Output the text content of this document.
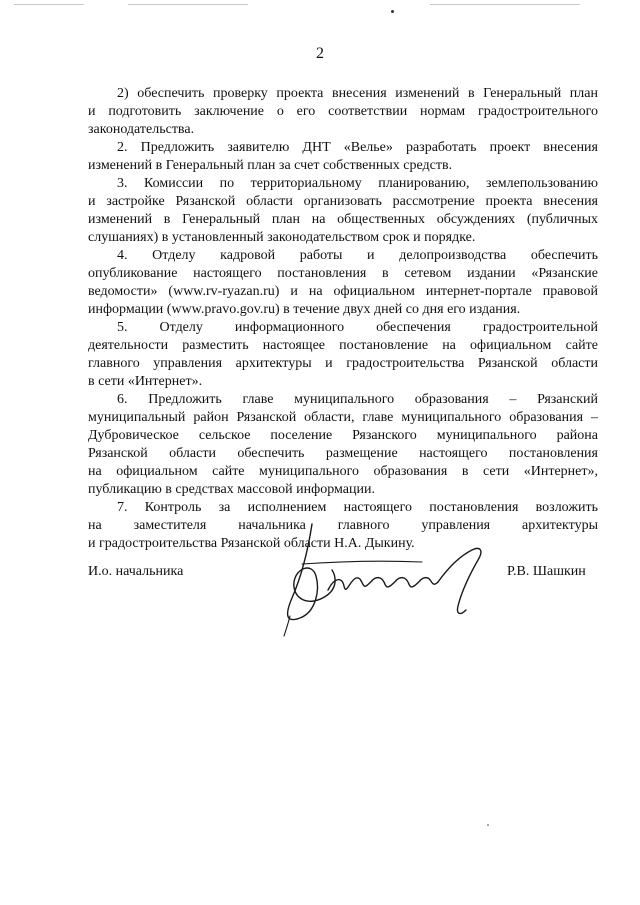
2
2) обеспечить проверку проекта внесения изменений в Генеральный план
и подготовить заключение о его соответствии нормам градостроительного
законодательства.
2. Предложить заявителю ДНТ «Велье» разработать проект внесения
изменений в Генеральный план за счет собственных средств.
3. Комиссии по территориальному планированию, землепользованию
и застройке Рязанской области организовать рассмотрение проекта внесения
изменений в Генеральный план на общественных обсуждениях (публичных
слушаниях) в установленный законодательством срок и порядке.
4. Отделу кадровой работы и делопроизводства обеспечить
опубликование настоящего постановления в сетевом издании «Рязанские
ведомости» (www.rv-ryazan.ru) и на официальном интернет-портале правовой
информации (www.pravo.gov.ru) в течение двух дней со дня его издания.
5. Отделу информационного обеспечения градостроительной
деятельности разместить настоящее постановление на официальном сайте
главного управления архитектуры и градостроительства Рязанской области
в сети «Интернет».
6. Предложить главе муниципального образования – Рязанский
муниципальный район Рязанской области, главе муниципального образования –
Дубровическое сельское поселение Рязанского муниципального района
Рязанской области обеспечить размещение настоящего постановления
на официальном сайте муниципального образования в сети «Интернет»,
публикацию в средствах массовой информации.
7. Контроль за исполнением настоящего постановления возложить
на заместителя начальника главного управления архитектуры
и градостроительства Рязанской области Н.А. Дыкину.
И.о. начальника	Р.В. Шашкин
